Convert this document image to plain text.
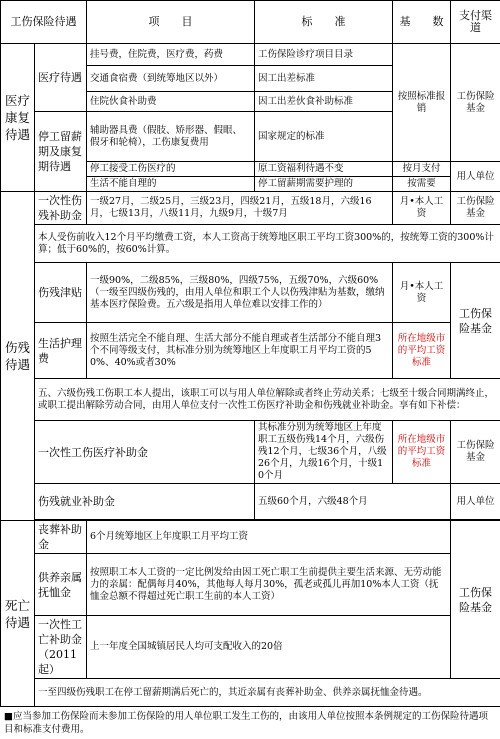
工伤保险待遇		项　　目	标　　准	基　　数	支付渠道
医疗康复待遇	医疗待遇	挂号费，住院费，医疗费，药费	工伤保险诊疗项目目录	按照标准报销	工伤保险基金
		交通食宿费（到统筹地区以外）	因工出差标准		
		住院伙食补助费	因工出差伙食补助标准		
	停工留薪期及康复期待遇	辅助器具费（假肢、矫形器、假眼、假牙和轮椅），工伤康复费用	国家规定的标准		
		停工接受工伤医疗的	原工资福利待遇不变	按月支付	用人单位
		生活不能自理的	停工留薪期需要护理的	按需要	
伤残待遇	一次性伤残补助金	一级27月，二级25月，三级23月，四级21月，五级18月，六级16月，七级13月，八级11月，九级9月，十级7月		月•本人工资	工伤保险基金
	本人受伤前收入12个月平均缴费工资，本人工资高于统筹地区职工平均工资300%的，按统筹工资的300%计算；低于60%的，按60%计算。				
	伤残津贴	一级90%，二级85%，三级80%，四级75%，五级70%，六级60%（一级至四级伤残的，由用人单位和职工个人以伤残津贴为基数，缴纳基本医疗保险费。五六级是指用人单位难以安排工作的）		月•本人工资	工伤保险基金
	生活护理费	按照生活完全不能自理、生活大部分不能自理或者生活部分不能自理3个不同等级支付，其标准分别为统筹地区上年度职工月平均工资的50%、40%或者30%		所在地级市的平均工资标准	
	五、六级伤残工伤职工本人提出，该职工可以与用人单位解除或者终止劳动关系；七级至十级合同期满终止，或职工提出解除劳动合同，由用人单位支付一次性工伤医疗补助金和伤残就业补助金。享有如下补偿：				
	一次性工伤医疗补助金		其标准分别为统筹地区上年度职工五级伤残14个月，六级伤残12个月，七级36个月，八级26个月，九级16个月，十级10个月	所在地级市的平均工资标准	工伤保险基金
	伤残就业补助金		五级60个月，六级48个月		用人单位

死亡待遇	丧葬补助金	6个月统筹地区上年度职工月平均工资			工伤保险基金
	供养亲属抚恤金	按照职工本人工资的一定比例发给由因工死亡职工生前提供主要生活来源、无劳动能力的亲属：配偶每月40%，其他每人每月30%，孤老或孤儿再加10%本人工资（抚恤金总额不得超过死亡职工生前的本人工资）			
	一次性工亡补助金（2011起）	上一年度全国城镇居民人均可支配收入的20倍			
	一至四级伤残职工在停工留薪期满后死亡的，其近亲属有丧葬补助金、供养亲属抚恤金待遇。				
■应当参加工伤保险而未参加工伤保险的用人单位职工发生工伤的，由该用人单位按照本条例规定的工伤保险待遇项目和标准支付费用。
